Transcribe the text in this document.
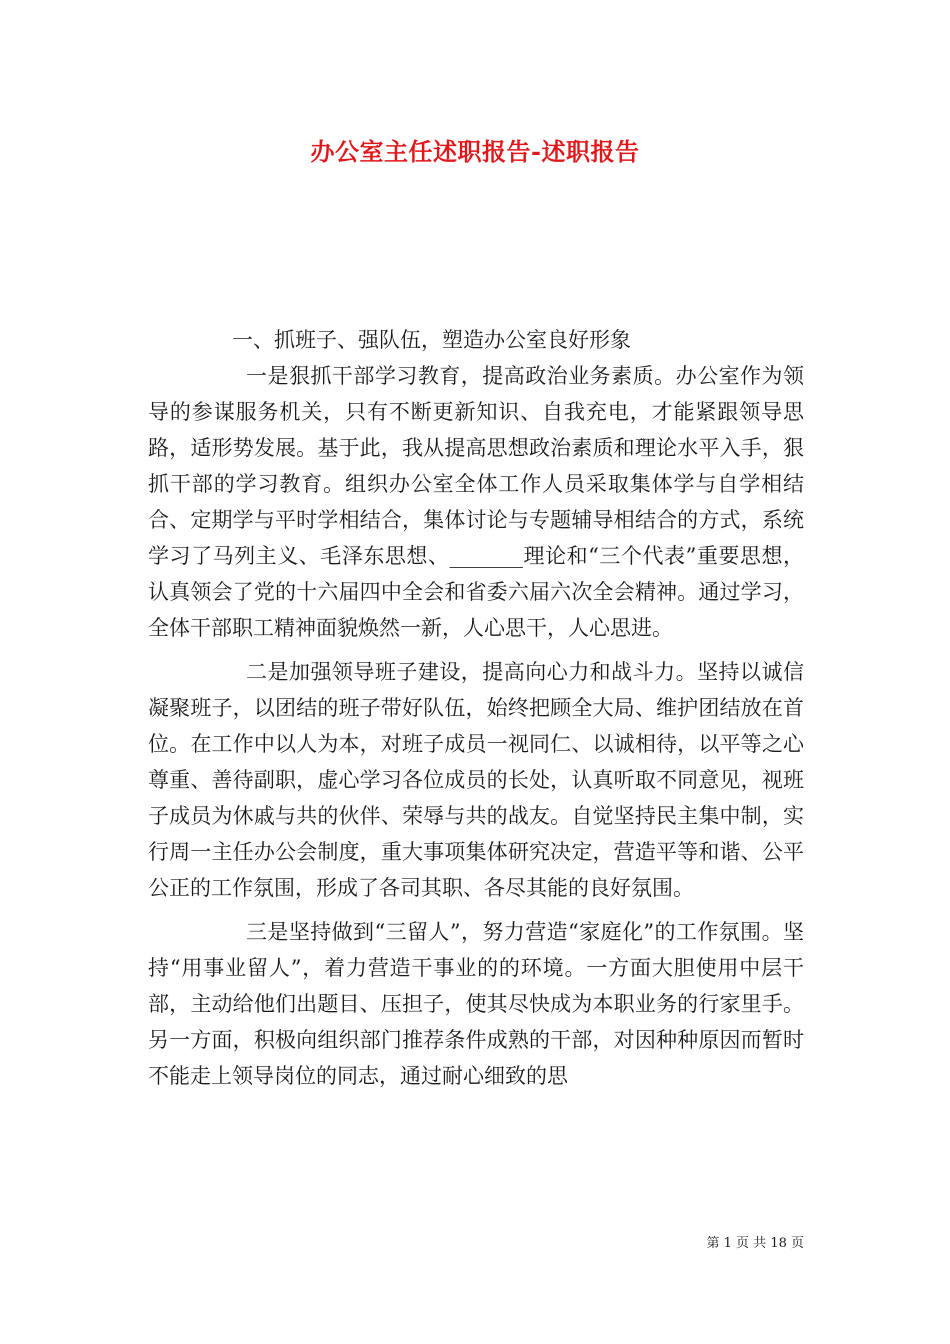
办公室主任述职报告-述职报告

一、抓班子、强队伍，塑造办公室良好形象

一是狠抓干部学习教育，提高政治业务素质。办公室作为领导的参谋服务机关，只有不断更新知识、自我充电，才能紧跟领导思路，适形势发展。基于此，我从提高思想政治素质和理论水平入手，狠抓干部的学习教育。组织办公室全体工作人员采取集体学与自学相结合、定期学与平时学相结合，集体讨论与专题辅导相结合的方式，系统学习了马列主义、毛泽东思想、_______理论和“三个代表”重要思想，认真领会了党的十六届四中全会和省委六届六次全会精神。通过学习，全体干部职工精神面貌焕然一新，人心思干，人心思进。

二是加强领导班子建设，提高向心力和战斗力。坚持以诚信凝聚班子，以团结的班子带好队伍，始终把顾全大局、维护团结放在首位。在工作中以人为本，对班子成员一视同仁、以诚相待，以平等之心尊重、善待副职，虚心学习各位成员的长处，认真听取不同意见，视班子成员为休戚与共的伙伴、荣辱与共的战友。自觉坚持民主集中制，实行周一主任办公会制度，重大事项集体研究决定，营造平等和谐、公平公正的工作氛围，形成了各司其职、各尽其能的良好氛围。

三是坚持做到“三留人”，努力营造“家庭化”的工作氛围。坚持“用事业留人”，着力营造干事业的的环境。一方面大胆使用中层干部，主动给他们出题目、压担子，使其尽快成为本职业务的行家里手。另一方面，积极向组织部门推荐条件成熟的干部，对因种种原因而暂时不能走上领导岗位的同志，通过耐心细致的思

第 1 页 共 18 页
